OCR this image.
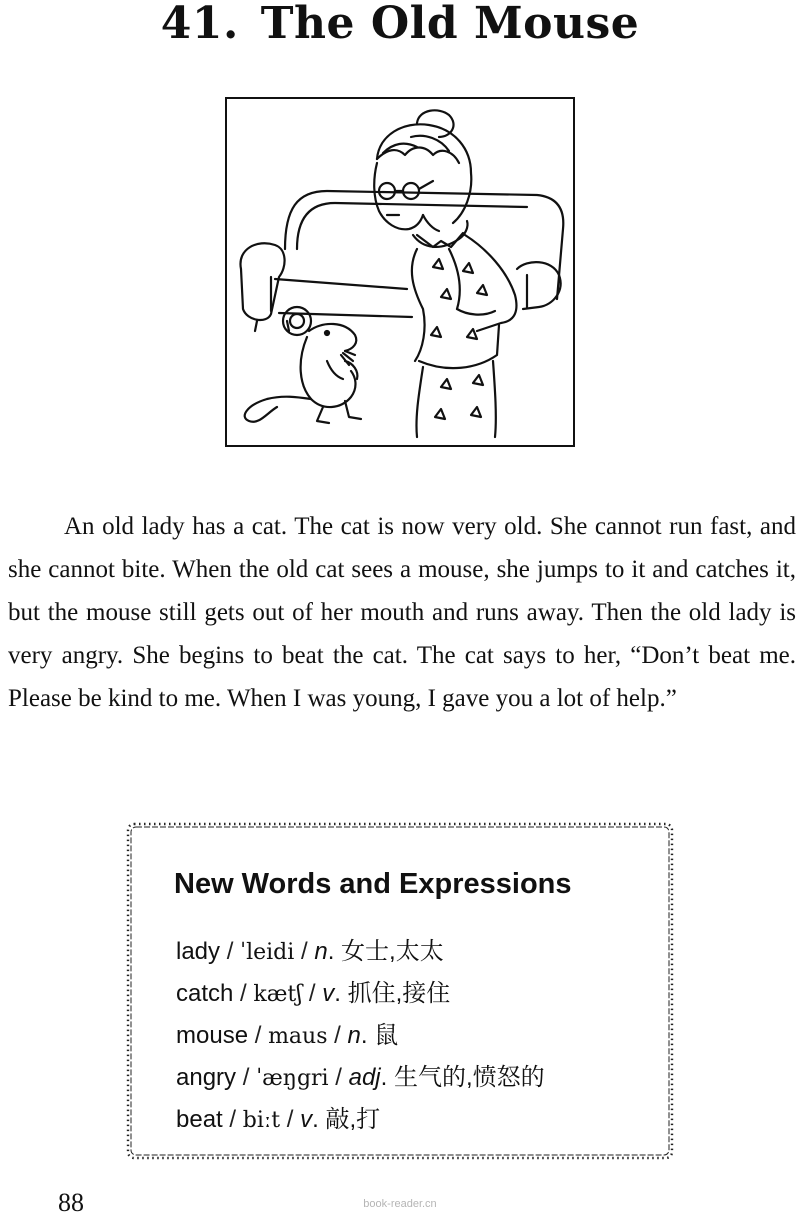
41. The Old Mouse

An old lady has a cat. The cat is now very old. She cannot run fast, and she cannot bite. When the old cat sees a mouse, she jumps to it and catches it, but the mouse still gets out of her mouth and runs away. Then the old lady is very angry. She begins to beat the cat. The cat says to her, “Don’t beat me. Please be kind to me. When I was young, I gave you a lot of help.”

New Words and Expressions
lady / ˈleidi / n. 女士,太太
catch / kætʃ / v. 抓住,接住
mouse / maus / n. 鼠
angry / ˈæŋgri / adj. 生气的,愤怒的
beat / biːt / v. 敲,打
88	book-reader.cn
